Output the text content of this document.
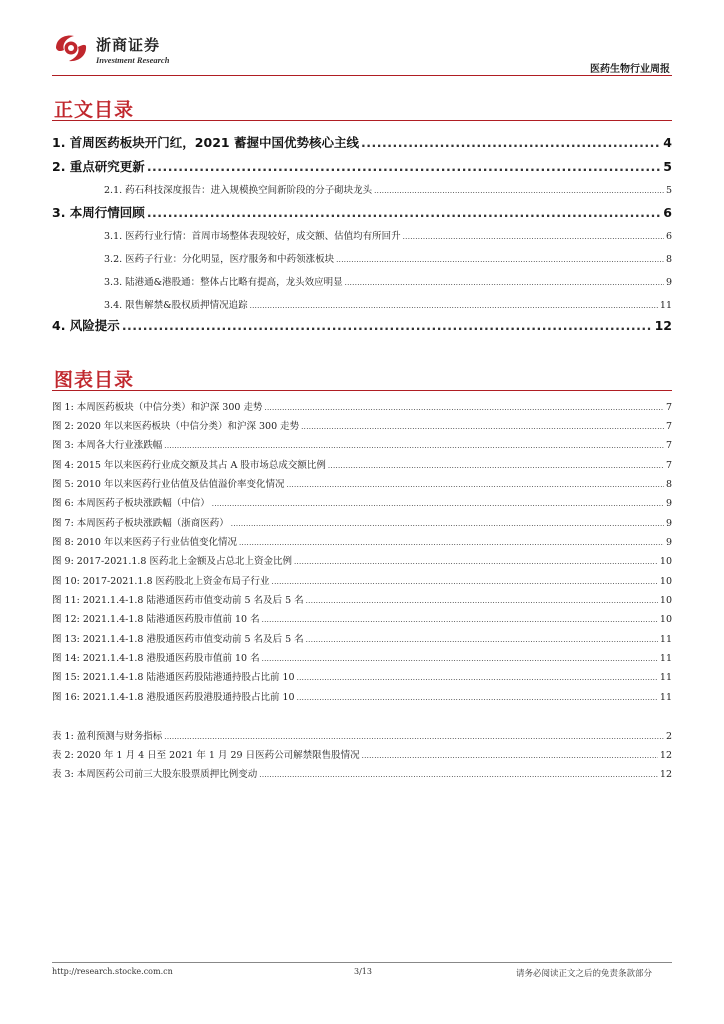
浙商证券
Investment Research
医药生物行业周报
正文目录
1. 首周医药板块开门红，2021 蓄握中国优势核心主线 .....	4
2. 重点研究更新 .....	5
2.1. 药石科技深度报告：进入规模换空间新阶段的分子砌块龙头 .....	5
3. 本周行情回顾 .....	6
3.1. 医药行业行情：首周市场整体表现较好，成交额、估值均有所回升 .....	6
3.2. 医药子行业：分化明显，医疗服务和中药领涨板块 .....	8
3.3. 陆港通&港股通：整体占比略有提高，龙头效应明显 .....	9
3.4. 限售解禁&股权质押情况追踪 .....	11
4. 风险提示 .....	12
图表目录
图 1: 本周医药板块（中信分类）和沪深 300 走势 .....	7
图 2: 2020 年以来医药板块（中信分类）和沪深 300 走势 .....	7
图 3: 本周各大行业涨跌幅 .....	7
图 4: 2015 年以来医药行业成交额及其占 A 股市场总成交额比例 .....	7
图 5: 2010 年以来医药行业估值及估值溢价率变化情况 .....	8
图 6: 本周医药子板块涨跌幅（中信） .....	9
图 7: 本周医药子板块涨跌幅（浙商医药） .....	9
图 8: 2010 年以来医药子行业估值变化情况 .....	9
图 9: 2017-2021.1.8 医药北上金额及占总北上资金比例 .....	10
图 10: 2017-2021.1.8 医药股北上资金布局子行业 .....	10
图 11: 2021.1.4-1.8 陆港通医药市值变动前 5 名及后 5 名 .....	10
图 12: 2021.1.4-1.8 陆港通医药股市值前 10 名 .....	10
图 13: 2021.1.4-1.8 港股通医药市值变动前 5 名及后 5 名 .....	11
图 14: 2021.1.4-1.8 港股通医药股市值前 10 名 .....	11
图 15: 2021.1.4-1.8 陆港通医药股陆港通持股占比前 10 .....	11
图 16: 2021.1.4-1.8 港股通医药股港股通持股占比前 10 .....	11
表 1: 盈利预测与财务指标 .....	2
表 2: 2020 年 1 月 4 日至 2021 年 1 月 29 日医药公司解禁限售股情况 .....	12
表 3: 本周医药公司前三大股东股票质押比例变动 .....	12
http://research.stocke.com.cn	3/13	请务必阅读正文之后的免责条款部分
